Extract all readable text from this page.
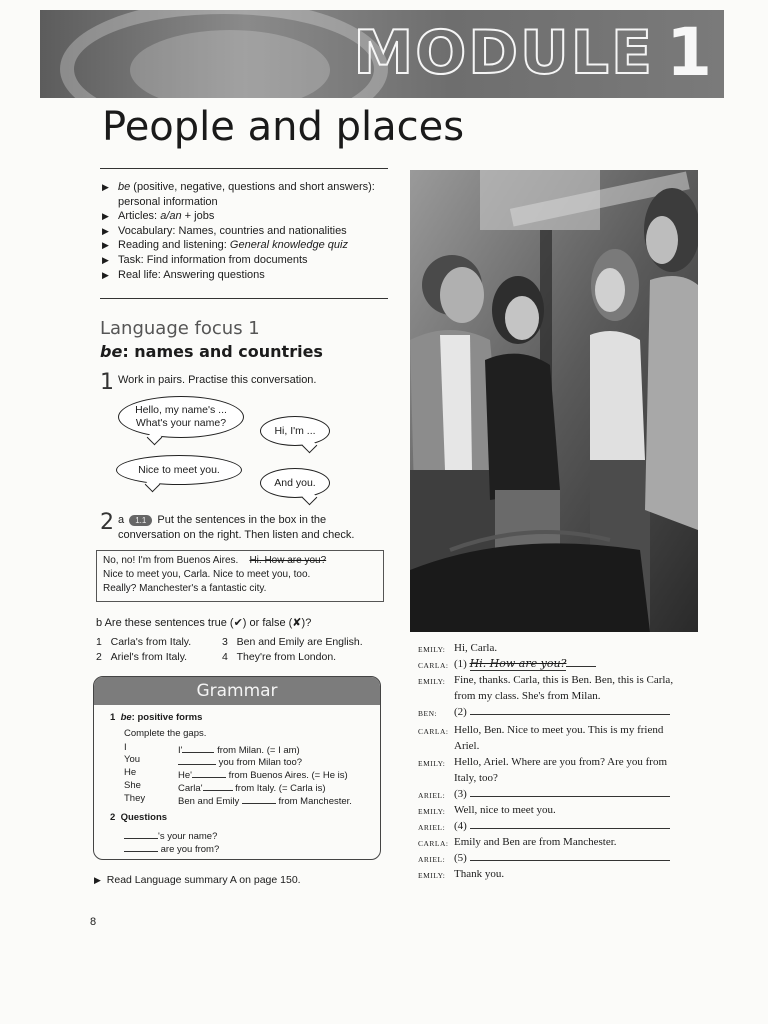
MODULE 1
People and places
▶ be (positive, negative, questions and short answers): personal information
▶ Articles: a/an + jobs
▶ Vocabulary: Names, countries and nationalities
▶ Reading and listening: General knowledge quiz
▶ Task: Find information from documents
▶ Real life: Answering questions
Language focus 1
be: names and countries
1 Work in pairs. Practise this conversation.
Hello, my name's ...
What's your name?
Hi, I'm ...
Nice to meet you.
And you.
2 a 1.1 Put the sentences in the box in the conversation on the right. Then listen and check.
No, no! I'm from Buenos Aires. Hi. How are you?
Nice to meet you, Carla. Nice to meet you, too.
Really? Manchester's a fantastic city.
b Are these sentences true (✔) or false (✘)?
1 Carla's from Italy.	3 Ben and Emily are English.
2 Ariel's from Italy.	4 They're from London.
Grammar
1 be: positive forms
Complete the gaps.
I	I'	from Milan. (= I am)
You	you from Milan too?
He	He'	from Buenos Aires. (= He is)
She	Carla'	from Italy. (= Carla is)
They	Ben and Emily	from Manchester.
2 Questions
's your name?
are you from?
▶ Read Language summary A on page 150.
8
EMILY: Hi, Carla.
CARLA: (1) Hi. How are you?
EMILY: Fine, thanks. Carla, this is Ben. Ben, this is Carla, from my class. She's from Milan.
BEN: (2)
CARLA: Hello, Ben. Nice to meet you. This is my friend Ariel.
EMILY: Hello, Ariel. Where are you from? Are you from Italy, too?
ARIEL: (3)
EMILY: Well, nice to meet you.
ARIEL: (4)
CARLA: Emily and Ben are from Manchester.
ARIEL: (5)
EMILY: Thank you.
